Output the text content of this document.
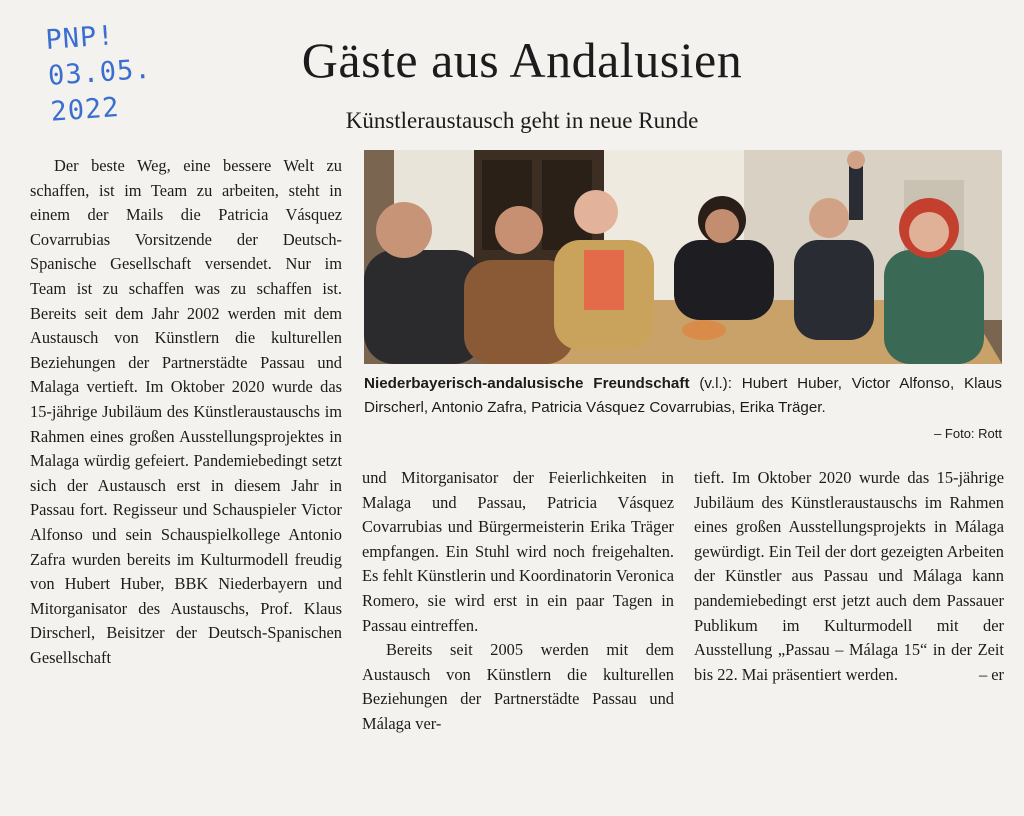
PNP!
03.05.
2022
Gäste aus Andalusien
Künstleraustausch geht in neue Runde

Der beste Weg, eine bessere Welt zu schaffen, ist im Team zu arbeiten, steht in einem der Mails die Patricia Vásquez Covarrubias Vorsitzende der Deutsch-Spanische Gesellschaft versendet. Nur im Team ist zu schaffen was zu schaffen ist. Bereits seit dem Jahr 2002 werden mit dem Austausch von Künstlern die kulturellen Beziehungen der Partnerstädte Passau und Malaga vertieft. Im Oktober 2020 wurde das 15-jährige Jubiläum des Künstleraustauschs im Rahmen eines großen Ausstellungsprojektes in Malaga würdig gefeiert. Pandemiebedingt setzt sich der Austausch erst in diesem Jahr in Passau fort. Regisseur und Schauspieler Victor Alfonso und sein Schauspielkollege Antonio Zafra wurden bereits im Kulturmodell freudig von Hubert Huber, BBK Niederbayern und Mitorganisator des Austauschs, Prof. Klaus Dirscherl, Beisitzer der Deutsch-Spanischen Gesellschaft

Niederbayerisch-andalusische Freundschaft (v.l.): Hubert Huber, Victor Alfonso, Klaus Dirscherl, Antonio Zafra, Patricia Vásquez Covarrubias, Erika Träger.
– Foto: Rott

und Mitorganisator der Feierlichkeiten in Malaga und Passau, Patricia Vásquez Covarrubias und Bürgermeisterin Erika Träger empfangen. Ein Stuhl wird noch freigehalten. Es fehlt Künstlerin und Koordinatorin Veronica Romero, sie wird erst in ein paar Tagen in Passau eintreffen.

Bereits seit 2005 werden mit dem Austausch von Künstlern die kulturellen Beziehungen der Partnerstädte Passau und Málaga ver-

tieft. Im Oktober 2020 wurde das 15-jährige Jubiläum des Künstleraustauschs im Rahmen eines großen Ausstellungsprojekts in Málaga gewürdigt. Ein Teil der dort gezeigten Arbeiten der Künstler aus Passau und Málaga kann pandemiebedingt erst jetzt auch dem Passauer Publikum im Kulturmodell mit der Ausstellung „Passau – Málaga 15“ in der Zeit bis 22. Mai präsentiert werden.	– er
